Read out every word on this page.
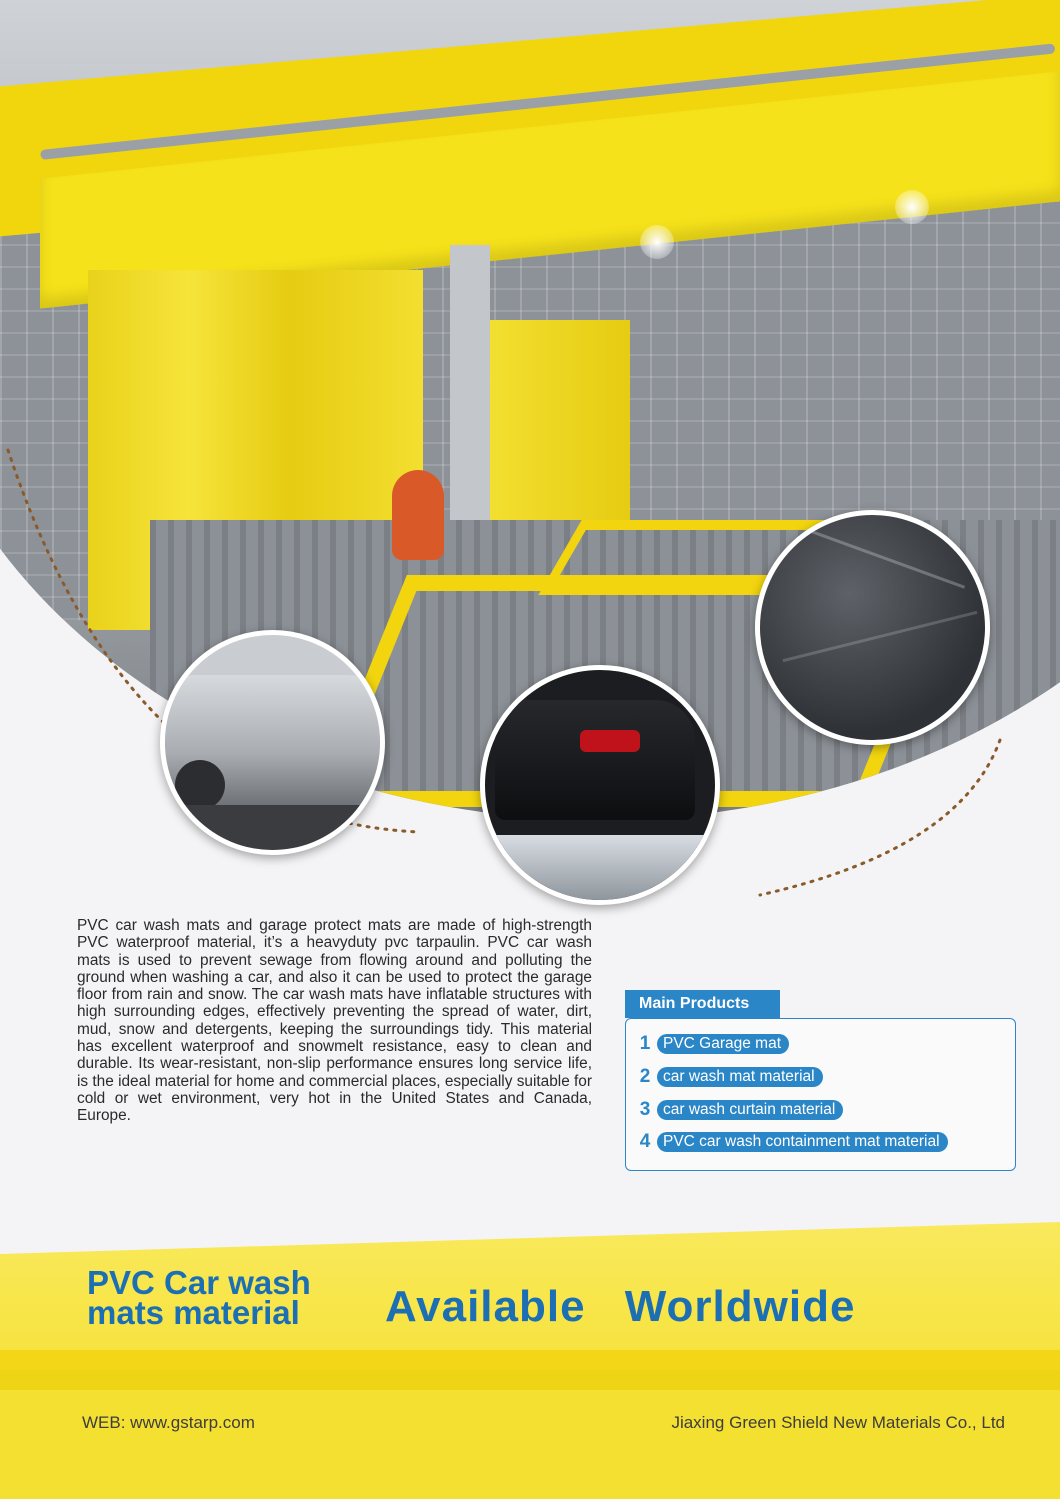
PVC car wash mats and garage protect mats are made of high-strength PVC waterproof material, it’s a heavyduty pvc tarpaulin. PVC car wash mats is used to prevent sewage from flowing around and polluting the ground when washing a car, and also it can be used to protect the garage floor from rain and snow. The car wash mats have inflatable structures with high surrounding edges, effectively preventing the spread of water, dirt, mud, snow and detergents, keeping the surroundings tidy. This material has excellent waterproof and snowmelt resistance, easy to clean and durable. Its wear-resistant, non-slip performance ensures long service life, is the ideal material for home and commercial places, especially suitable for cold or wet environment, very hot in the United States and Canada, Europe.

Main Products
1 PVC Garage mat
2 car wash mat material
3 car wash curtain material
4 PVC car wash containment mat material
PVC Car wash
mats material Available Worldwide
WEB: www.gstarp.com	Jiaxing Green Shield New Materials Co., Ltd
